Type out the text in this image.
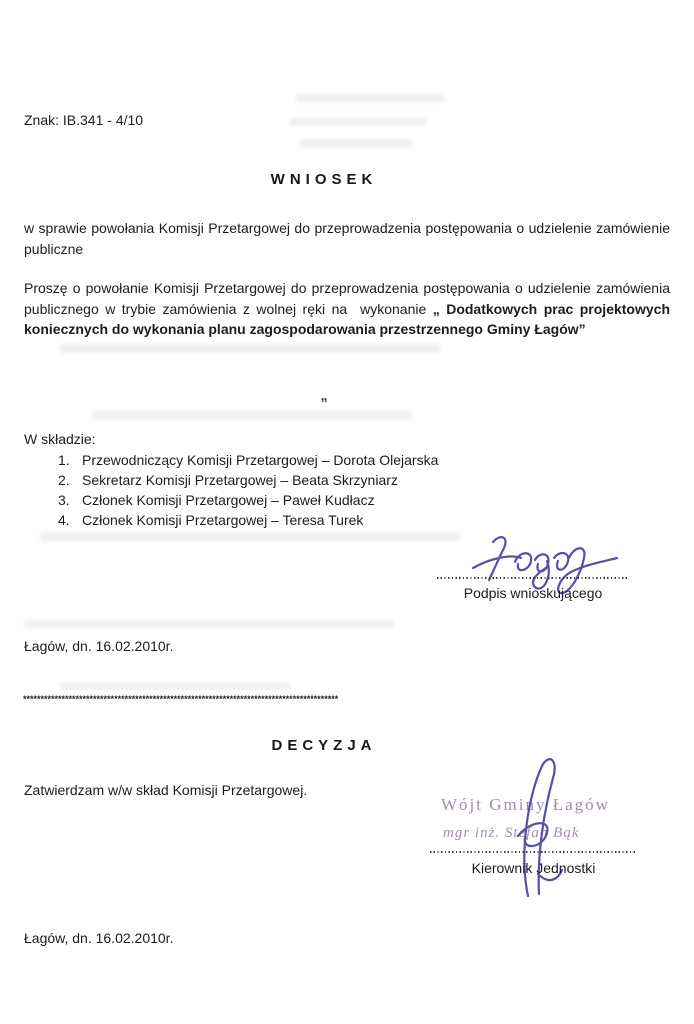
Znak: IB.341 - 4/10
WNIOSEK
w sprawie powołania Komisji Przetargowej do przeprowadzenia postępowania o udzielenie zamówienie publiczne
Proszę o powołanie Komisji Przetargowej do przeprowadzenia postępowania o udzielenie zamówienia publicznego w trybie zamówienia z wolnej ręki na  wykonanie „ Dodatkowych prac projektowych koniecznych do wykonania planu zagospodarowania przestrzennego Gminy Łagów”
„
W składzie:
1. Przewodniczący Komisji Przetargowej – Dorota Olejarska
2. Sekretarz Komisji Przetargowej – Beata Skrzyniarz
3. Członek Komisji Przetargowej – Paweł Kudłacz
4. Członek Komisji Przetargowej – Teresa Turek
Podpis wnioskującego
Łagów, dn. 16.02.2010r.
******************************************************************************************
DECYZJA
Zatwierdzam w/w skład Komisji Przetargowej.
Wójt Gminy Łagów
mgr inż. Stefan Bąk
Kierownik Jednostki
Łagów, dn. 16.02.2010r.
